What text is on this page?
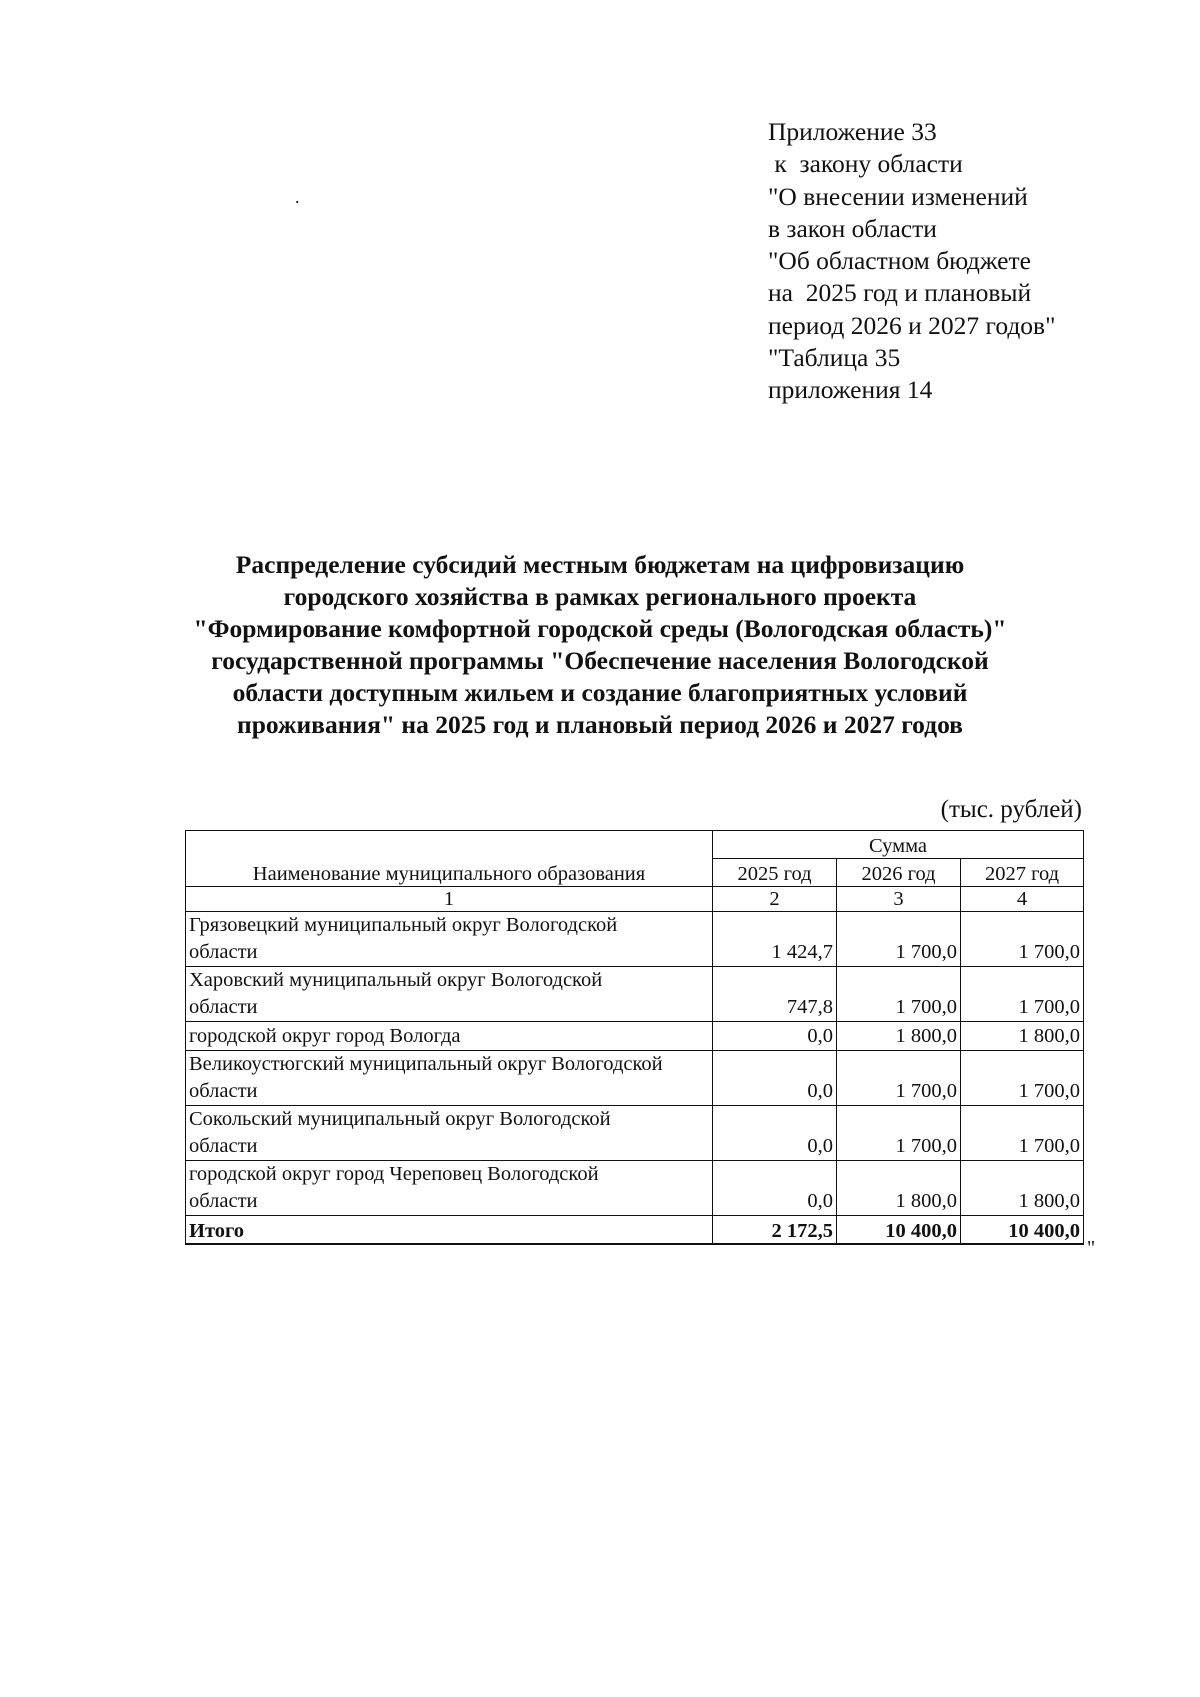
Приложение 33
к  закону области
"О внесении изменений
в закон области
"Об областном бюджете
на  2025 год и плановый
период 2026 и 2027 годов"
"Таблица 35
приложения 14
.
Распределение субсидий местным бюджетам на цифровизацию
городского хозяйства в рамках регионального проекта
"Формирование комфортной городской среды (Вологодская область)"
государственной программы "Обеспечение населения Вологодской
области доступным жильем и создание благоприятных условий
проживания" на 2025 год и плановый период 2026 и 2027 годов
(тыс. рублей)
Наименование муниципального образования	Сумма		
	2025 год	2026 год	2027 год
1	2	3	4

Грязовецкий муниципальный округ Вологодской
области	1 424,7	1 700,0	1 700,0

Харовский муниципальный округ Вологодской
области	747,8	1 700,0	1 700,0
городской округ город Вологда	0,0	1 800,0	1 800,0

Великоустюгский муниципальный округ Вологодской
области	0,0	1 700,0	1 700,0

Сокольский муниципальный округ Вологодской
области	0,0	1 700,0	1 700,0

городской округ город Череповец Вологодской
области	0,0	1 800,0	1 800,0
Итого	2 172,5	10 400,0	10 400,0
"
